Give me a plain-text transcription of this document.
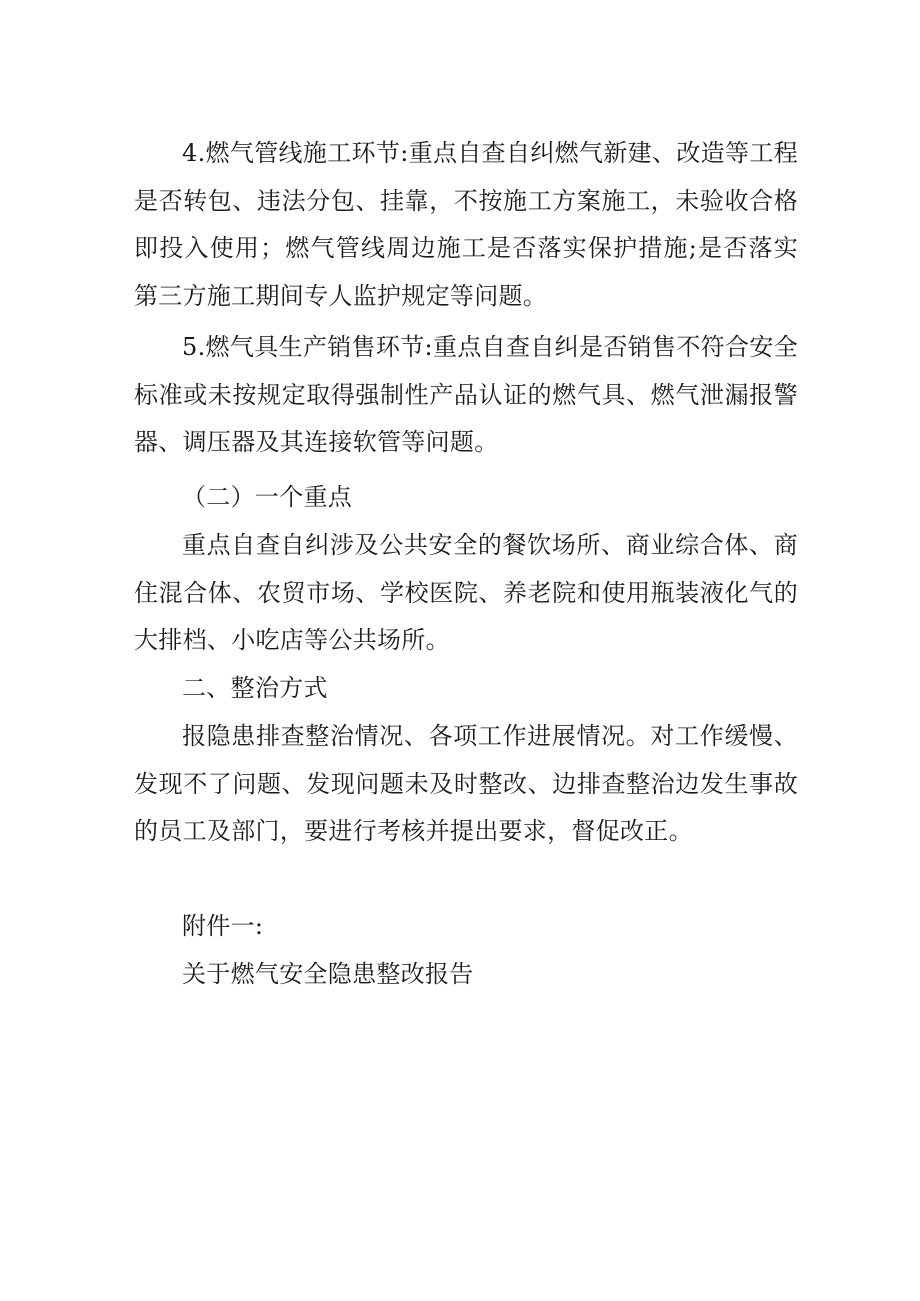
4.燃气管线施工环节:重点自查自纠燃气新建、改造等工程是否转包、违法分包、挂靠，不按施工方案施工，未验收合格即投入使用；燃气管线周边施工是否落实保护措施;是否落实第三方施工期间专人监护规定等问题。

5.燃气具生产销售环节:重点自查自纠是否销售不符合安全标准或未按规定取得强制性产品认证的燃气具、燃气泄漏报警器、调压器及其连接软管等问题。

（二）一个重点

重点自查自纠涉及公共安全的餐饮场所、商业综合体、商住混合体、农贸市场、学校医院、养老院和使用瓶装液化气的大排档、小吃店等公共场所。

二、整治方式

报隐患排查整治情况、各项工作进展情况。对工作缓慢、发现不了问题、发现问题未及时整改、边排查整治边发生事故的员工及部门，要进行考核并提出要求，督促改正。

附件一:

关于燃气安全隐患整改报告
